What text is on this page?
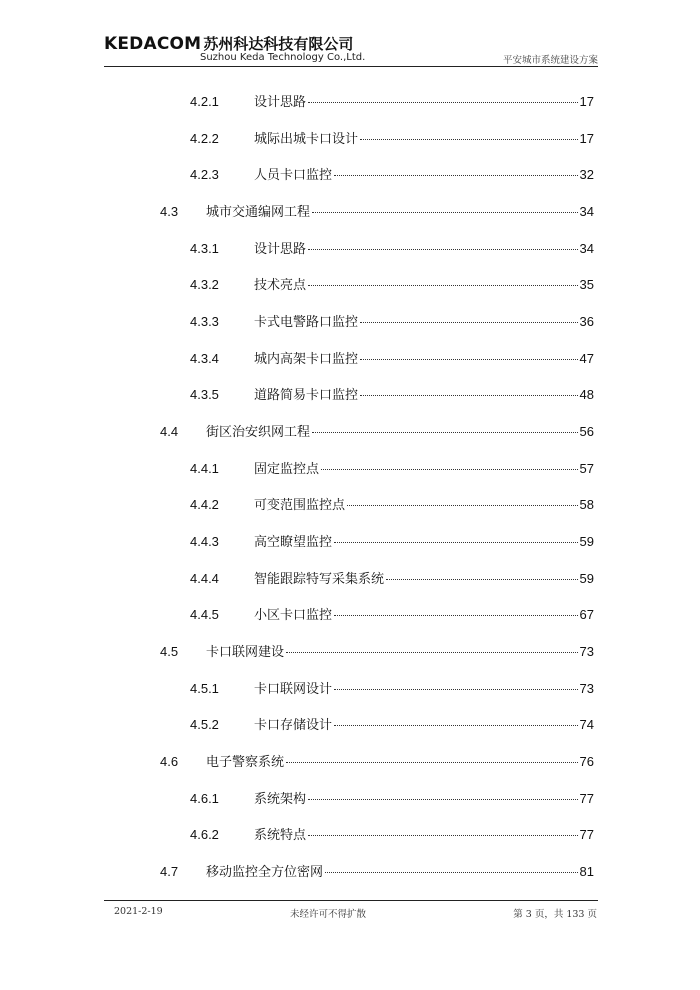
KEDACOM 苏州科达科技有限公司
Suzhou Keda Technology Co.,Ltd.	平安城市系统建设方案
4.2.1	设计思路	17
4.2.2	城际出城卡口设计	17
4.2.3	人员卡口监控	32
4.3	城市交通编网工程	34
4.3.1	设计思路	34
4.3.2	技术亮点	35
4.3.3	卡式电警路口监控	36
4.3.4	城内高架卡口监控	47
4.3.5	道路简易卡口监控	48
4.4	街区治安织网工程	56
4.4.1	固定监控点	57
4.4.2	可变范围监控点	58
4.4.3	高空瞭望监控	59
4.4.4	智能跟踪特写采集系统	59
4.4.5	小区卡口监控	67
4.5	卡口联网建设	73
4.5.1	卡口联网设计	73
4.5.2	卡口存储设计	74
4.6	电子警察系统	76
4.6.1	系统架构	77
4.6.2	系统特点	77
4.7	移动监控全方位密网	81
2021-2-19	未经许可不得扩散	第 3 页，共 133 页
